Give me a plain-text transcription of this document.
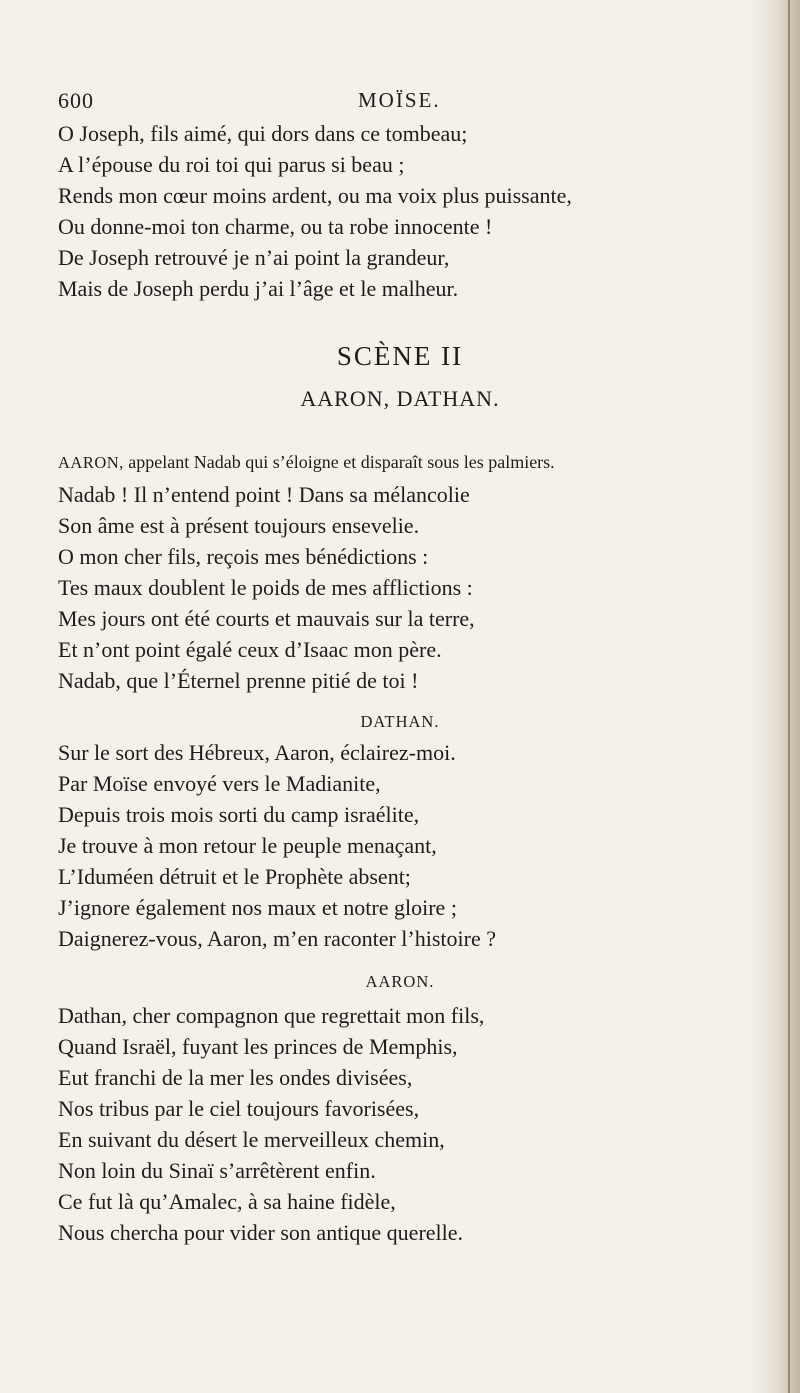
600	MOÏSE.
O Joseph, fils aimé, qui dors dans ce tombeau;
A l’épouse du roi toi qui parus si beau ;
Rends mon cœur moins ardent, ou ma voix plus puissante,
Ou donne-moi ton charme, ou ta robe innocente !
De Joseph retrouvé je n’ai point la grandeur,
Mais de Joseph perdu j’ai l’âge et le malheur.
SCÈNE II
AARON, DATHAN.
AARON, appelant Nadab qui s’éloigne et disparaît sous les palmiers.
Nadab ! Il n’entend point ! Dans sa mélancolie
Son âme est à présent toujours ensevelie.
O mon cher fils, reçois mes bénédictions :
Tes maux doublent le poids de mes afflictions :
Mes jours ont été courts et mauvais sur la terre,
Et n’ont point égalé ceux d’Isaac mon père.
Nadab, que l’Éternel prenne pitié de toi !
DATHAN.
Sur le sort des Hébreux, Aaron, éclairez-moi.
Par Moïse envoyé vers le Madianite,
Depuis trois mois sorti du camp israélite,
Je trouve à mon retour le peuple menaçant,
L’Iduméen détruit et le Prophète absent;
J’ignore également nos maux et notre gloire ;
Daignerez-vous, Aaron, m’en raconter l’histoire ?
AARON.
Dathan, cher compagnon que regrettait mon fils,
Quand Israël, fuyant les princes de Memphis,
Eut franchi de la mer les ondes divisées,
Nos tribus par le ciel toujours favorisées,
En suivant du désert le merveilleux chemin,
Non loin du Sinaï s’arrêtèrent enfin.
Ce fut là qu’Amalec, à sa haine fidèle,
Nous chercha pour vider son antique querelle.
